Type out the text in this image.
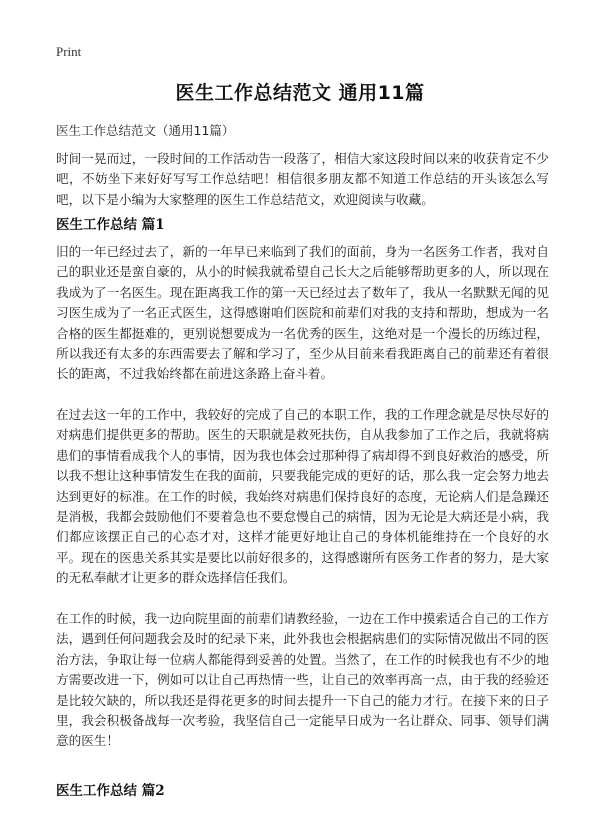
Print
医生工作总结范文 通用11篇
医生工作总结范文（通用11篇）

时间一晃而过，一段时间的工作活动告一段落了，相信大家这段时间以来的收获肯定不少吧，不妨坐下来好好写写工作总结吧！相信很多朋友都不知道工作总结的开头该怎么写吧，以下是小编为大家整理的医生工作总结范文，欢迎阅读与收藏。

医生工作总结 篇1

旧的一年已经过去了，新的一年早已来临到了我们的面前，身为一名医务工作者，我对自己的职业还是蛮自豪的，从小的时候我就希望自己长大之后能够帮助更多的人，所以现在我成为了一名医生。现在距离我工作的第一天已经过去了数年了，我从一名默默无闻的见习医生成为了一名正式医生，这得感谢咱们医院和前辈们对我的支持和帮助，想成为一名合格的医生都挺难的，更别说想要成为一名优秀的医生，这绝对是一个漫长的历练过程，所以我还有太多的东西需要去了解和学习了，至少从目前来看我距离自己的前辈还有着很长的距离，不过我始终都在前进这条路上奋斗着。

在过去这一年的工作中，我较好的完成了自己的本职工作，我的工作理念就是尽快尽好的对病患们提供更多的帮助。医生的天职就是救死扶伤，自从我参加了工作之后，我就将病患们的事情看成我个人的事情，因为我也体会过那种得了病却得不到良好救治的感受，所以我不想让这种事情发生在我的面前，只要我能完成的更好的话，那么我一定会努力地去达到更好的标准。在工作的时候，我始终对病患们保持良好的态度，无论病人们是急躁还是消极，我都会鼓励他们不要着急也不要怠慢自己的病情，因为无论是大病还是小病，我们都应该摆正自己的心态才对，这样才能更好地让自己的身体机能维持在一个良好的水平。现在的医患关系其实是要比以前好很多的，这得感谢所有医务工作者的努力，是大家的无私奉献才让更多的群众选择信任我们。

在工作的时候，我一边向院里面的前辈们请教经验，一边在工作中摸索适合自己的工作方法，遇到任何问题我会及时的纪录下来，此外我也会根据病患们的实际情况做出不同的医治方法，争取让每一位病人都能得到妥善的处置。当然了，在工作的时候我也有不少的地方需要改进一下，例如可以让自己再热情一些，让自己的效率再高一点，由于我的经验还是比较欠缺的，所以我还是得花更多的时间去提升一下自己的能力才行。在接下来的日子里，我会积极备战每一次考验，我坚信自己一定能早日成为一名让群众、同事、领导们满意的医生！

医生工作总结 篇2
